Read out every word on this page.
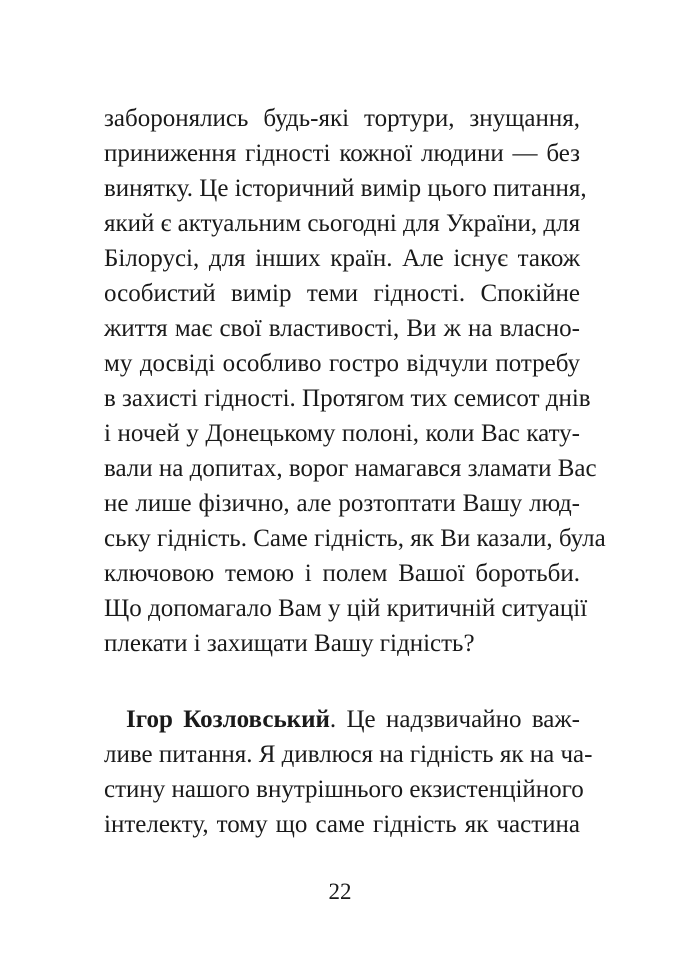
заборонялись будь-які тортури, знущання,
приниження гідності кожної людини — без
винятку. Це історичний вимір цього питання,
який є актуальним сьогодні для України, для
Білорусі, для інших країн. Але існує також
особистий вимір теми гідності. Спокійне
життя має свої властивості, Ви ж на власно-
му досвіді особливо гостро відчули потребу
в захисті гідності. Протягом тих семисот днів
і ночей у Донецькому полоні, коли Вас кату-
вали на допитах, ворог намагався зламати Вас
не лише фізично, але розтоптати Вашу люд-
ську гідність. Саме гідність, як Ви казали, була
ключовою темою і полем Вашої боротьби.
Що допомагало Вам у цій критичній ситуації
плекати і захищати Вашу гідність?
Ігор Козловський. Це надзвичайно важ-
ливе питання. Я дивлюся на гідність як на ча-
стину нашого внутрішнього екзистенційного
інтелекту, тому що саме гідність як частина
22
